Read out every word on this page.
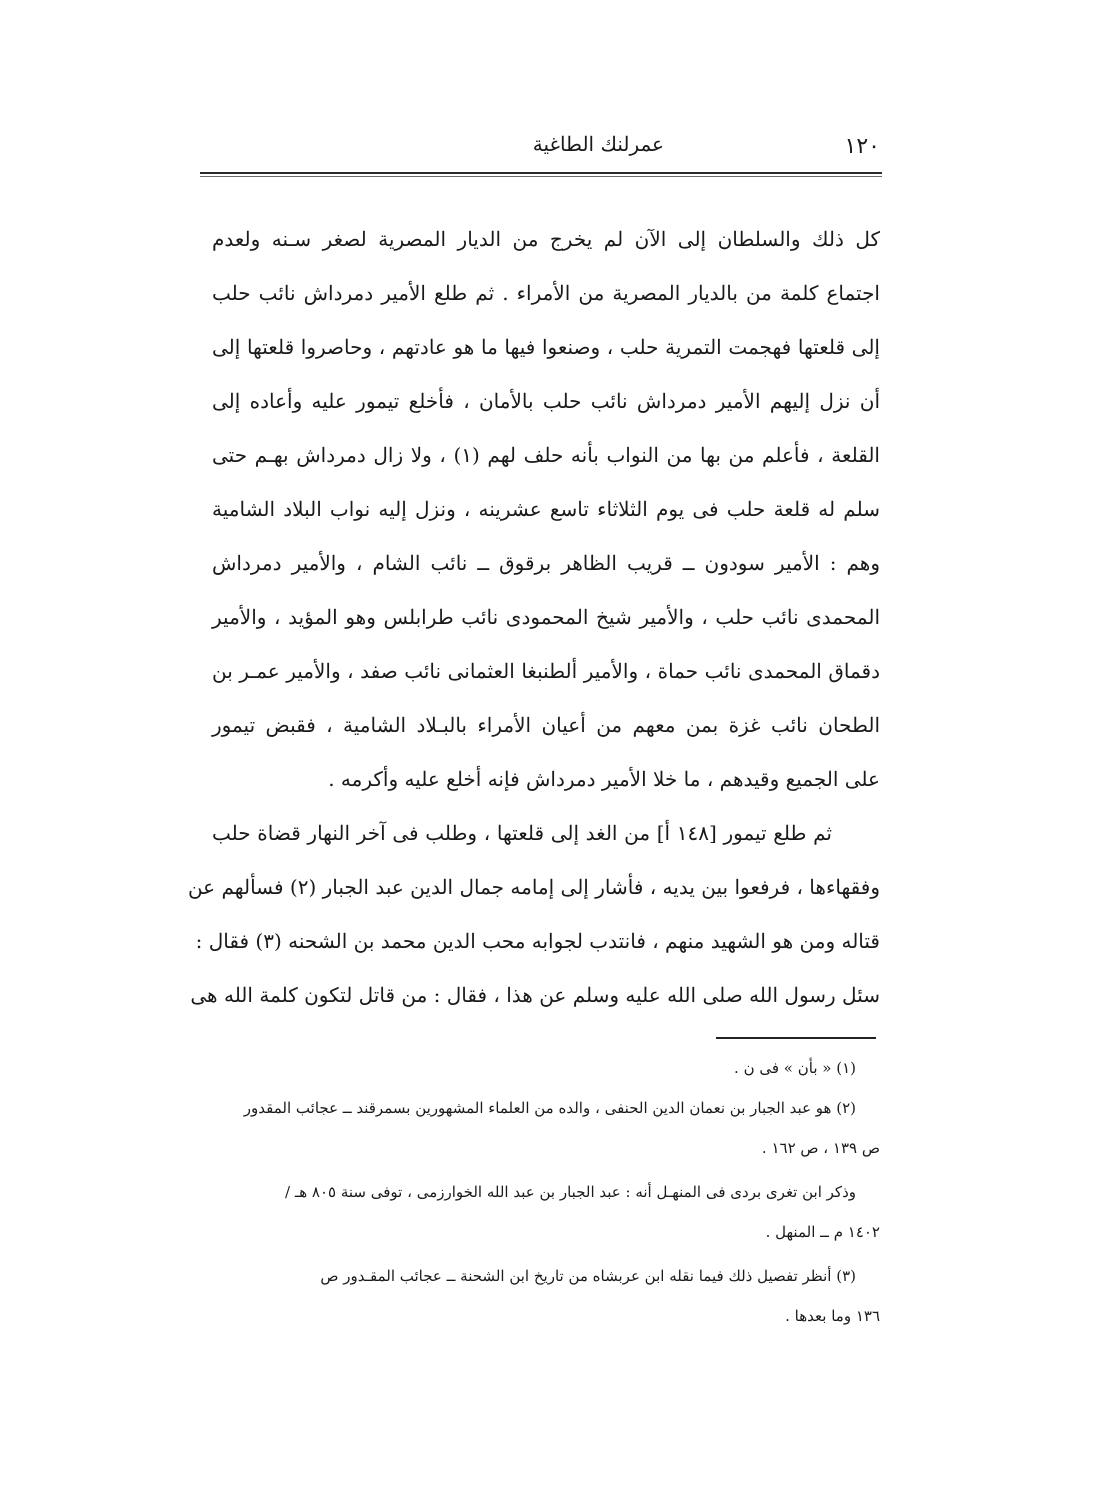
١٢٠
عمرلنك الطاغية
كل ذلك والسلطان إلى الآن لم يخرج من الديار المصرية لصغر سـنه ولعدم
اجتماع كلمة من بالديار المصرية من الأمراء . ثم طلع الأمير دمرداش نائب حلب
إلى قلعتها فهجمت التمرية حلب ، وصنعوا فيها ما هو عادتهم ، وحاصروا قلعتها إلى
أن نزل إليهم الأمير دمرداش نائب حلب بالأمان ، فأخلع تيمور عليه وأعاده إلى
القلعة ، فأعلم من بها من النواب بأنه حلف لهم (١) ، ولا زال دمرداش بهـم حتى
سلم له قلعة حلب فى يوم الثلاثاء تاسع عشرينه ، ونزل إليه نواب البلاد الشامية
وهم : الأمير سودون ــ قريب الظاهر برقوق ــ نائب الشام ، والأمير دمرداش
المحمدى نائب حلب ، والأمير شيخ المحمودى نائب طرابلس وهو المؤيد ، والأمير
دقماق المحمدى نائب حماة ، والأمير ألطنبغا العثمانى نائب صفد ، والأمير عمـر بن
الطحان نائب غزة بمن معهم من أعيان الأمراء بالبـلاد الشامية ، فقبض تيمور
على الجميع وقيدهم ، ما خلا الأمير دمرداش فإنه أخلع عليه وأكرمه .
ثم طلع تيمور [١٤٨ أ] من الغد إلى قلعتها ، وطلب فى آخر النهار قضاة حلب
وفقهاءها ، فرفعوا بين يديه ، فأشار إلى إمامه جمال الدين عبد الجبار (٢) فسألهم عن
قتاله ومن هو الشهيد منهم ، فانتدب لجوابه محب الدين محمد بن الشحنه (٣) فقال :
سئل رسول الله صلى الله عليه وسلم عن هذا ، فقال : من قاتل لتكون كلمة الله هى
(١) « بأن » فى ن .
(٢) هو عبد الجبار بن نعمان الدين الحنفى ، والده من العلماء المشهورين بسمرقند ــ عجائب المقدور
ص ١٣٩ ، ص ١٦٢ .
وذكر ابن تغرى بردى فى المنهـل أنه : عبد الجبار بن عبد الله الخوارزمى ، توفى سنة ٨٠٥ هـ /
١٤٠٢ م ــ المنهل .
(٣) أنظر تفصيل ذلك فيما نقله ابن عربشاه من تاريخ ابن الشحنة ــ عجائب المقـدور ص
١٣٦ وما بعدها .
